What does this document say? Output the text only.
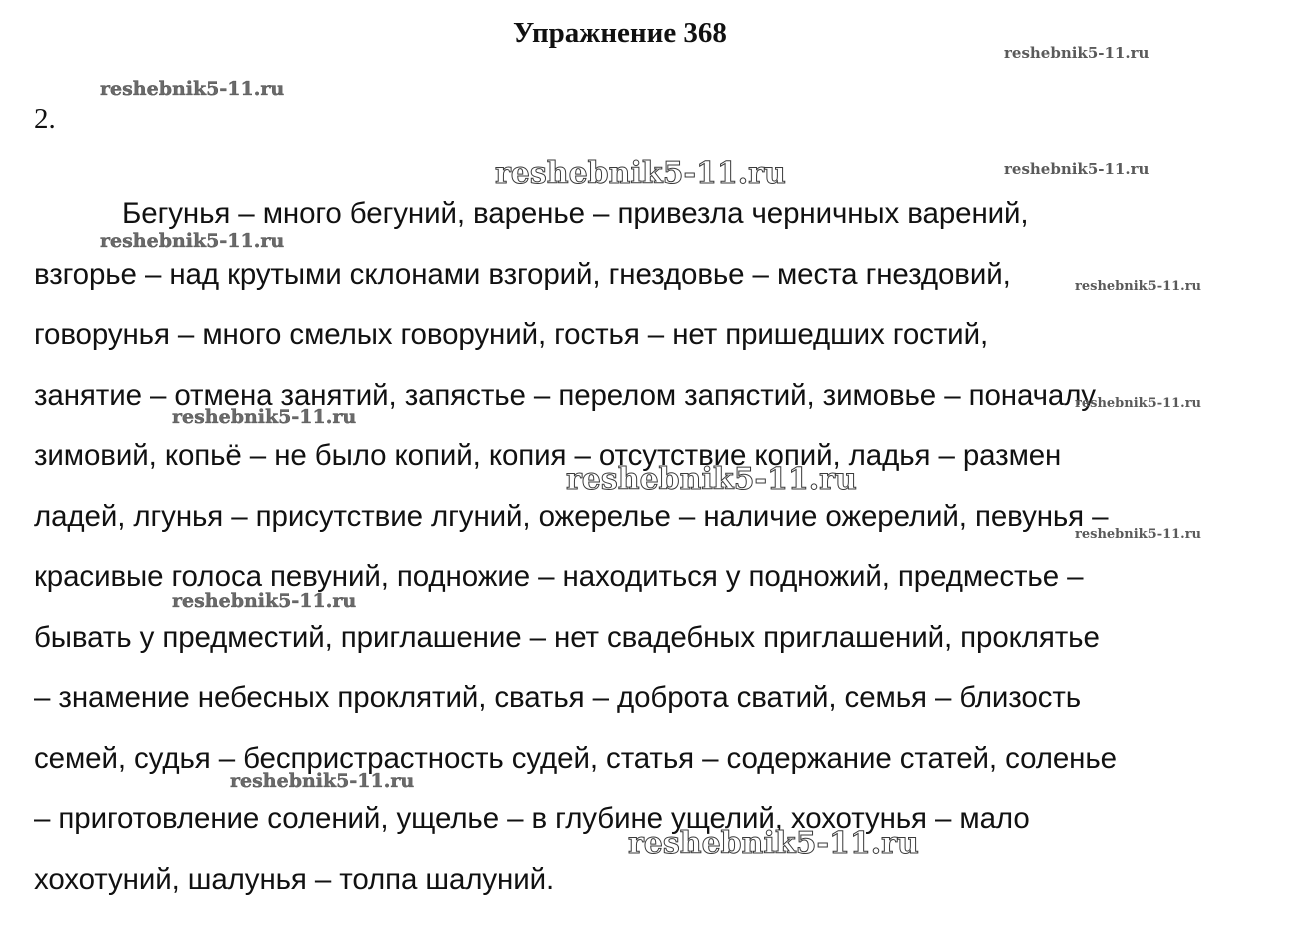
Упражнение 368
2.
Бегунья – много бегуний, варенье – привезла черничных варений,
взгорье – над крутыми склонами взгорий, гнездовье – места гнездовий,
говорунья – много смелых говоруний, гостья – нет пришедших гостий,
занятие – отмена занятий, запястье – перелом запястий, зимовье – поначалу
зимовий, копьё – не было копий, копия – отсутствие копий, ладья – размен
ладей, лгунья – присутствие лгуний, ожерелье – наличие ожерелий, певунья –
красивые голоса певуний, подножие – находиться у подножий, предместье –
бывать у предместий, приглашение – нет свадебных приглашений, проклятье
– знамение небесных проклятий, сватья – доброта сватий, семья – близость
семей, судья – беспристрастность судей, статья – содержание статей, соленье
– приготовление солений, ущелье – в глубине ущелий, хохотунья – мало
хохотуний, шалунья – толпа шалуний.
reshebnik5-11.ru
reshebnik5-11.ru
reshebnik5-11.ru	reshebnik5-11.ru
reshebnik5-11.ru
reshebnik5-11.ru
reshebnik5-11.ru
reshebnik5-11.ru
reshebnik5-11.ru
reshebnik5-11.ru
reshebnik5-11.ru
reshebnik5-11.ru
reshebnik5-11.ru
